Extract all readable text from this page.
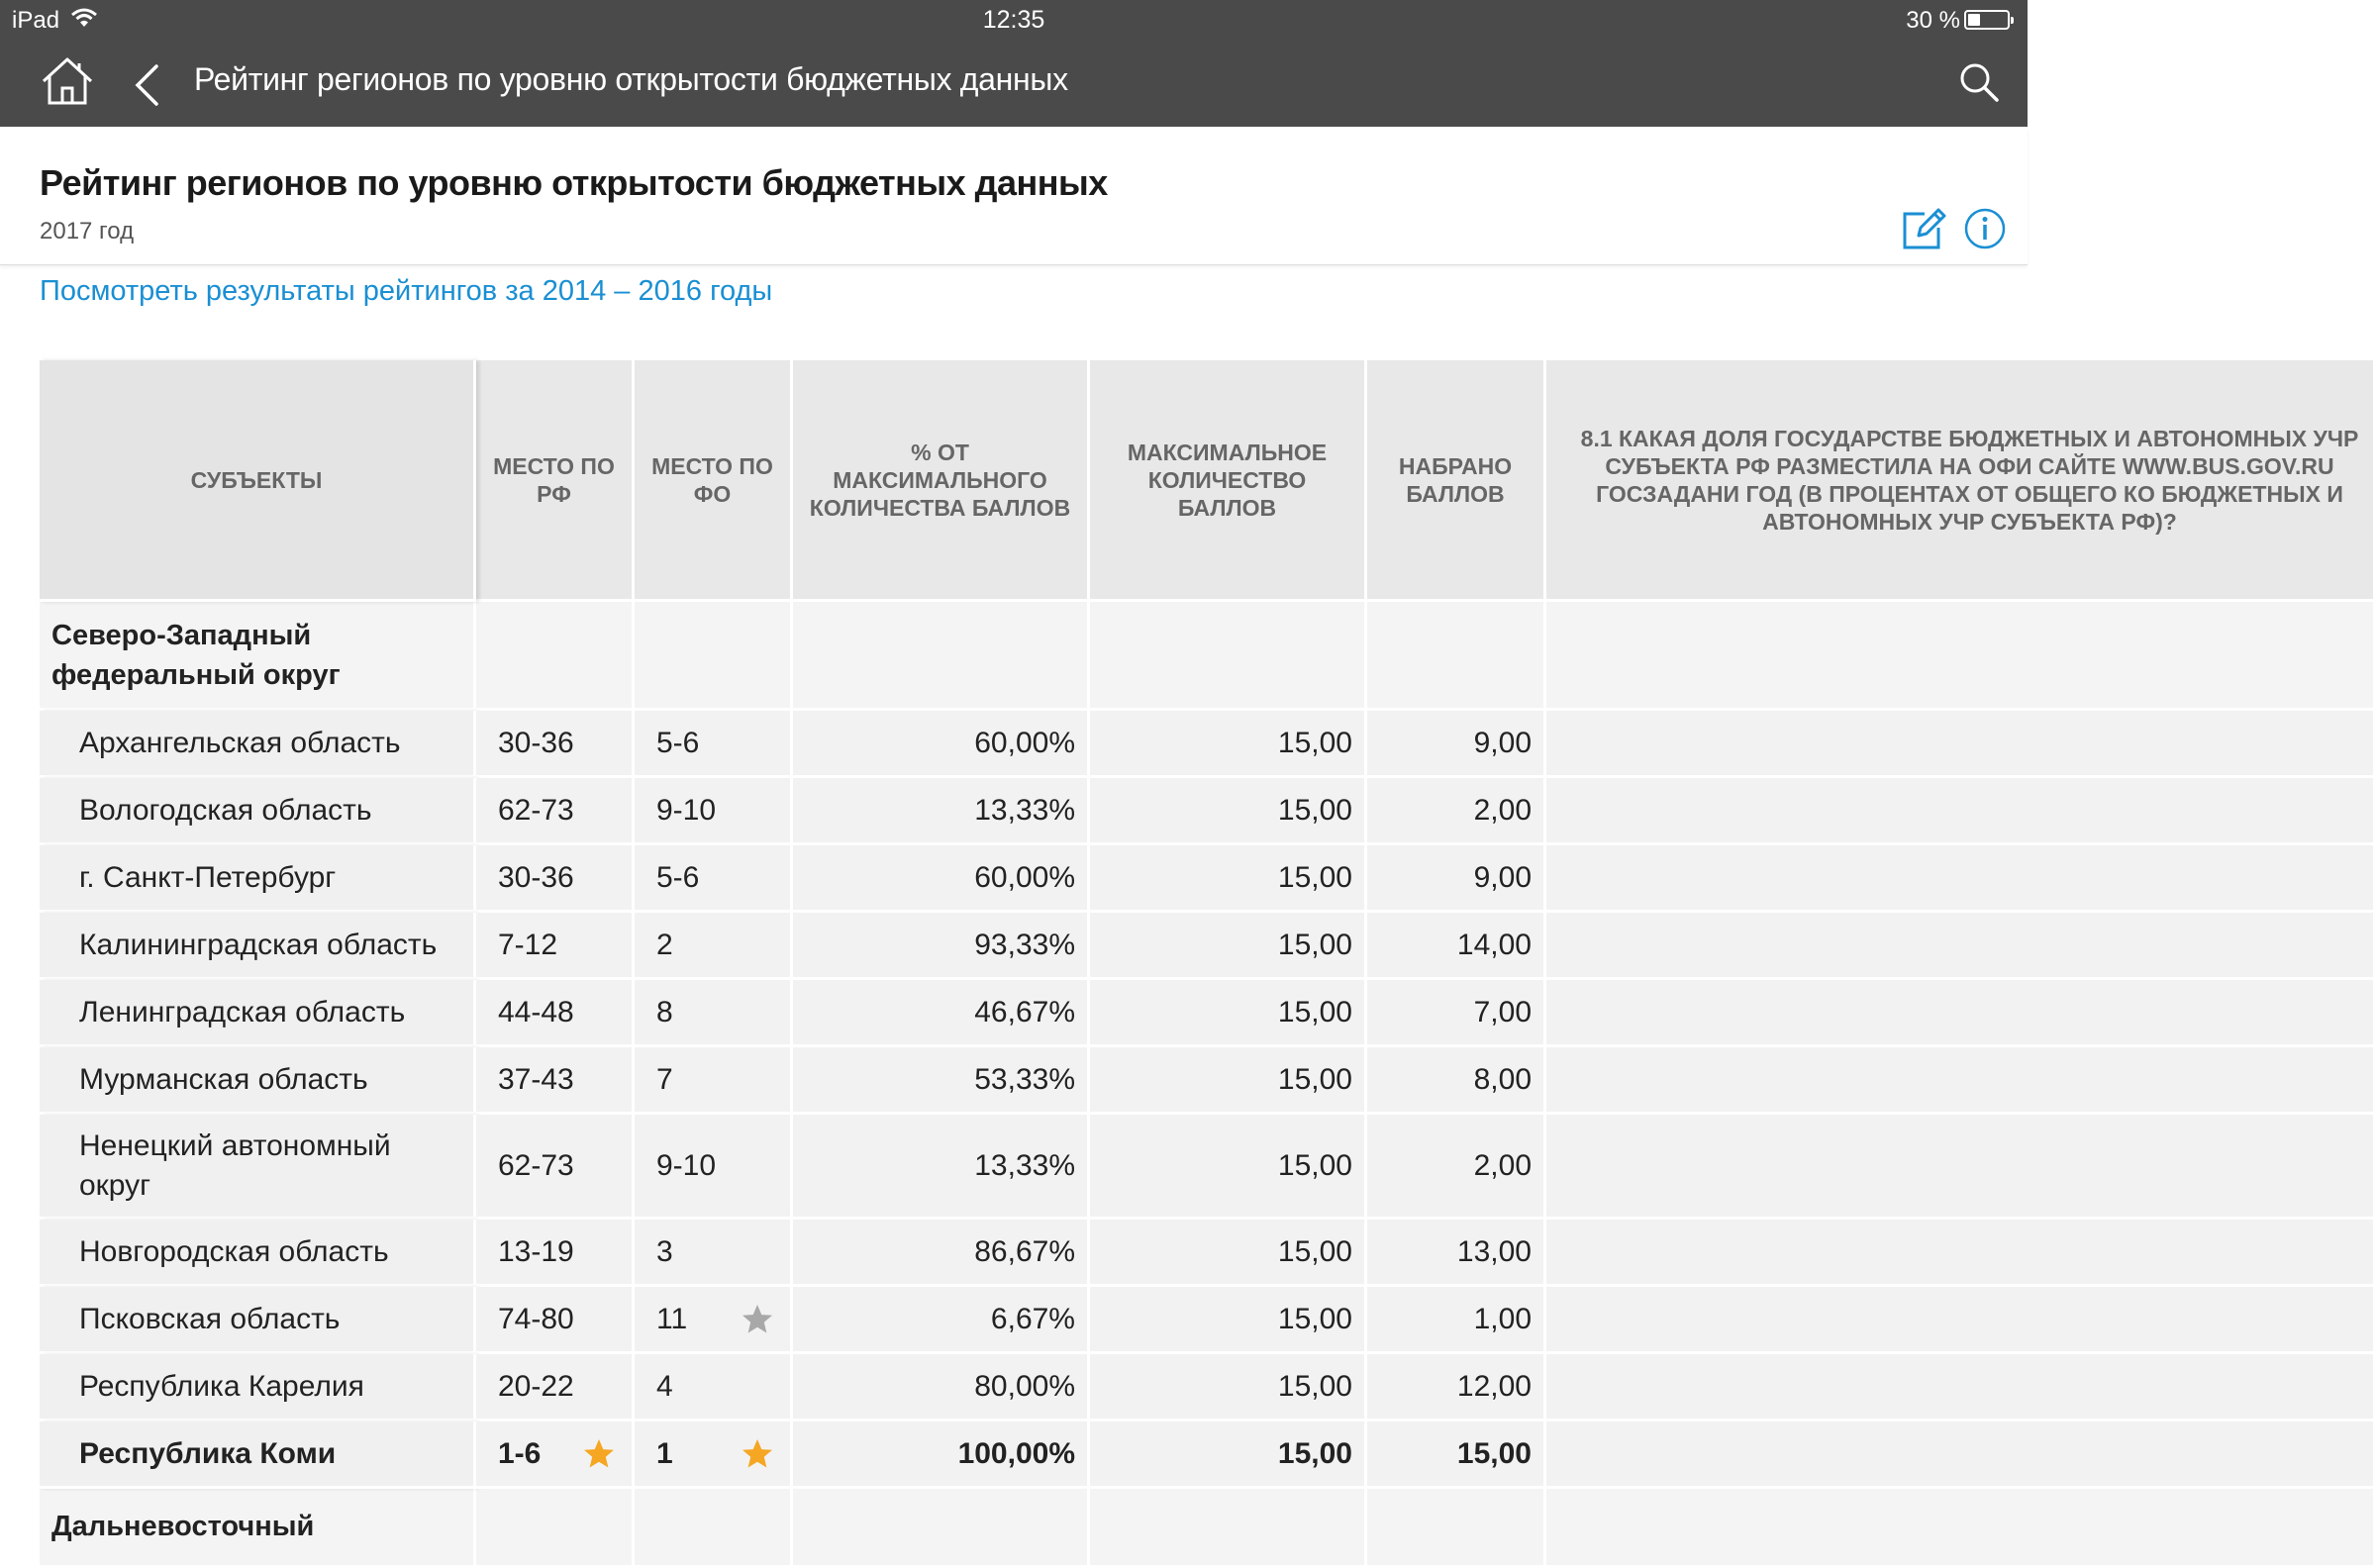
iPad	12:35	30 %
Рейтинг регионов по уровню открытости бюджетных данных
Рейтинг регионов по уровню открытости бюджетных данных
2017 год
Посмотреть результаты рейтингов за 2014 – 2016 годы
СУБЪЕКТЫ	МЕСТО ПО РФ	МЕСТО ПО ФО	% ОТ МАКСИМАЛЬНОГО КОЛИЧЕСТВА БАЛЛОВ	МАКСИМАЛЬНОЕ КОЛИЧЕСТВО БАЛЛОВ	НАБРАНО БАЛЛОВ	8.1 КАКАЯ ДОЛЯ ГОСУДАРСТВЕ БЮДЖЕТНЫХ И АВТОНОМНЫХ УЧР СУБЪЕКТА РФ РАЗМЕСТИЛА НА ОФИ САЙТЕ WWW.BUS.GOV.RU ГОСЗАДАНИ ГОД (В ПРОЦЕНТАХ ОТ ОБЩЕГО КО БЮДЖЕТНЫХ И АВТОНОМНЫХ УЧР СУБЪЕКТА РФ)?
Северо-Западный федеральный округ						
Архангельская область	30-36	5-6	60,00%	15,00	9,00	
Вологодская область	62-73	9-10	13,33%	15,00	2,00	
г. Санкт-Петербург	30-36	5-6	60,00%	15,00	9,00	
Калининградская область	7-12	2	93,33%	15,00	14,00	
Ленинградская область	44-48	8	46,67%	15,00	7,00	
Мурманская область	37-43	7	53,33%	15,00	8,00	
Ненецкий автономный округ	62-73	9-10	13,33%	15,00	2,00	
Новгородская область	13-19	3	86,67%	15,00	13,00	
Псковская область	74-80	11	6,67%	15,00	1,00	
Республика Карелия	20-22	4	80,00%	15,00	12,00	
Республика Коми	1-6	1	100,00%	15,00	15,00	
Дальневосточный						
